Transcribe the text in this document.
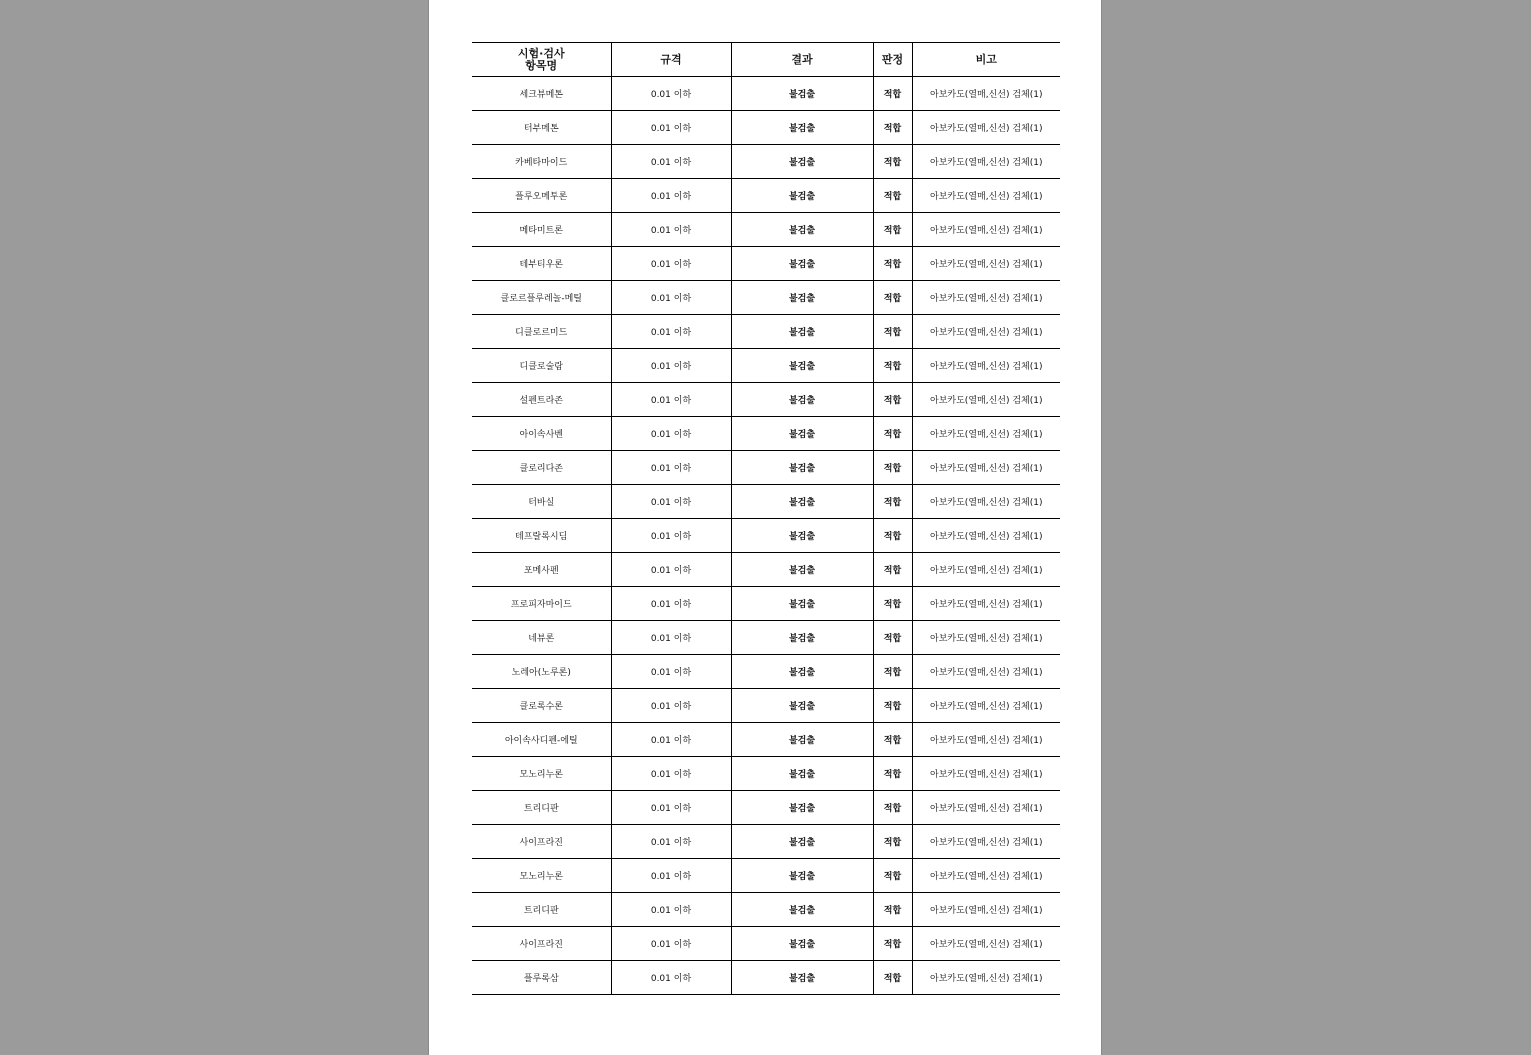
시험·검사
항목명	규격	결과	판정	비고
세크뷰메톤	0.01 이하	불검출	적합	아보카도(열매,신선) 검체(1)
터부메톤	0.01 이하	불검출	적합	아보카도(열매,신선) 검체(1)
카베타마이드	0.01 이하	불검출	적합	아보카도(열매,신선) 검체(1)
플루오메투론	0.01 이하	불검출	적합	아보카도(열매,신선) 검체(1)
메타미트론	0.01 이하	불검출	적합	아보카도(열매,신선) 검체(1)
테부티우론	0.01 이하	불검출	적합	아보카도(열매,신선) 검체(1)
클로르플루레놀-메틸	0.01 이하	불검출	적합	아보카도(열매,신선) 검체(1)
디클로르미드	0.01 이하	불검출	적합	아보카도(열매,신선) 검체(1)
디클로술람	0.01 이하	불검출	적합	아보카도(열매,신선) 검체(1)
설펜트라존	0.01 이하	불검출	적합	아보카도(열매,신선) 검체(1)
아이속사벤	0.01 이하	불검출	적합	아보카도(열매,신선) 검체(1)
클로리다존	0.01 이하	불검출	적합	아보카도(열매,신선) 검체(1)
터바실	0.01 이하	불검출	적합	아보카도(열매,신선) 검체(1)
테프랄록시딤	0.01 이하	불검출	적합	아보카도(열매,신선) 검체(1)
포메사펜	0.01 이하	불검출	적합	아보카도(열매,신선) 검체(1)
프로피자마이드	0.01 이하	불검출	적합	아보카도(열매,신선) 검체(1)
네뷰론	0.01 이하	불검출	적합	아보카도(열매,신선) 검체(1)
노레아(노루론)	0.01 이하	불검출	적합	아보카도(열매,신선) 검체(1)
클로록수론	0.01 이하	불검출	적합	아보카도(열매,신선) 검체(1)
아이속사디펜-에틸	0.01 이하	불검출	적합	아보카도(열매,신선) 검체(1)
모노리누론	0.01 이하	불검출	적합	아보카도(열매,신선) 검체(1)
트리디판	0.01 이하	불검출	적합	아보카도(열매,신선) 검체(1)
사이프라진	0.01 이하	불검출	적합	아보카도(열매,신선) 검체(1)
모노리누론	0.01 이하	불검출	적합	아보카도(열매,신선) 검체(1)
트리디판	0.01 이하	불검출	적합	아보카도(열매,신선) 검체(1)
사이프라진	0.01 이하	불검출	적합	아보카도(열매,신선) 검체(1)
플루록삼	0.01 이하	불검출	적합	아보카도(열매,신선) 검체(1)
